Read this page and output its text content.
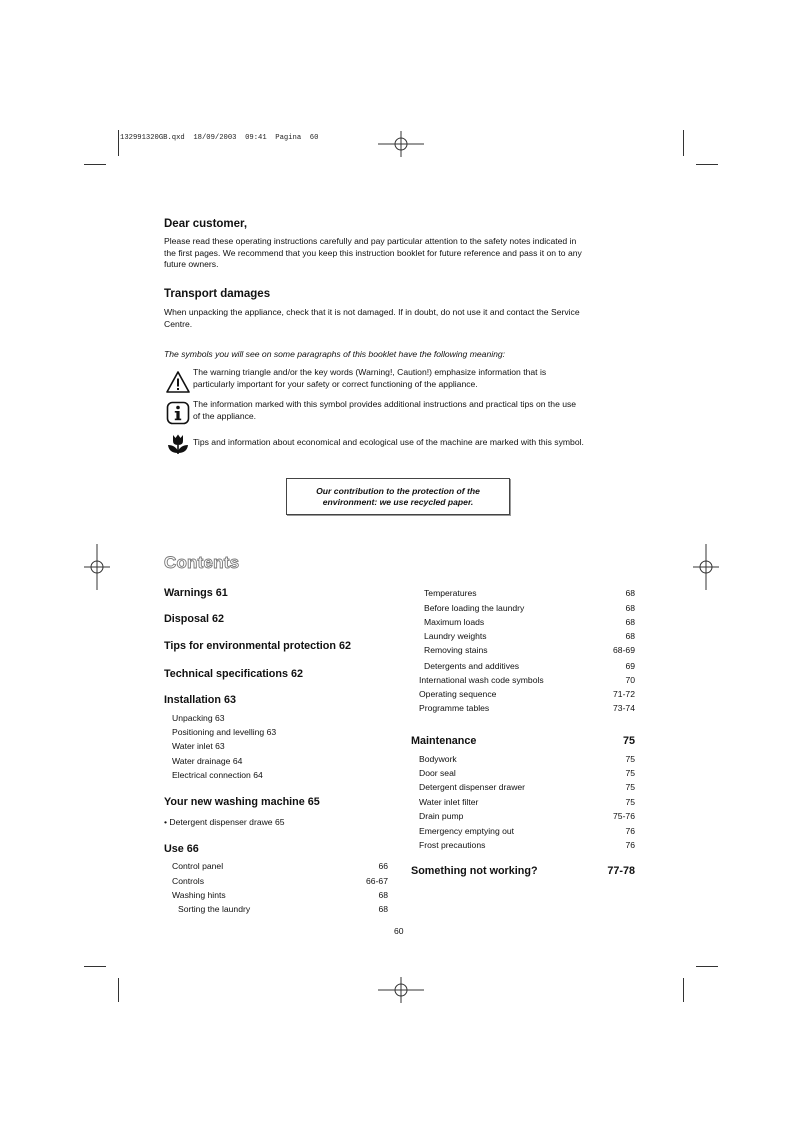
132991320GB.qxd  18/09/2003  09:41  Pagina  60
Dear customer,
Please read these operating instructions carefully and pay particular attention to the safety notes indicated in
the first pages. We recommend that you keep this instruction booklet for future reference and pass it on to any
future owners.
Transport damages
When unpacking the appliance, check that it is not damaged. If in doubt, do not use it and contact the Service
Centre.
The symbols you will see on some paragraphs of this booklet have the following meaning:
The warning triangle and/or the key words (Warning!, Caution!) emphasize information that is
particularly important for your safety or correct functioning of the appliance.
The information marked with this symbol provides additional instructions and practical tips on the use
of the appliance.
Tips and information about economical and ecological use of the machine are marked with this symbol.
Our contribution to the protection of the
environment: we use recycled paper.
Contents
Warnings 61
Disposal 62
Tips for environmental protection 62
Technical specifications 62
Installation 63
Unpacking 63
Positioning and levelling 63
Water inlet 63
Water drainage 64
Electrical connection 64
Your new washing machine 65
• Detergent dispenser drawe 65
Use 66
Control panel	66
Controls	66-67
Washing hints	68
Sorting the laundry	68
Temperatures	68
Before loading the laundry	68
Maximum loads	68
Laundry weights	68
Removing stains	68-69
Detergents and additives	69
International wash code symbols	70
Operating sequence	71-72
Programme tables	73-74
Maintenance	75
Bodywork	75
Door seal	75
Detergent dispenser drawer	75
Water inlet filter	75
Drain pump	75-76
Emergency emptying out	76
Frost precautions	76
Something not working?	77-78
60
